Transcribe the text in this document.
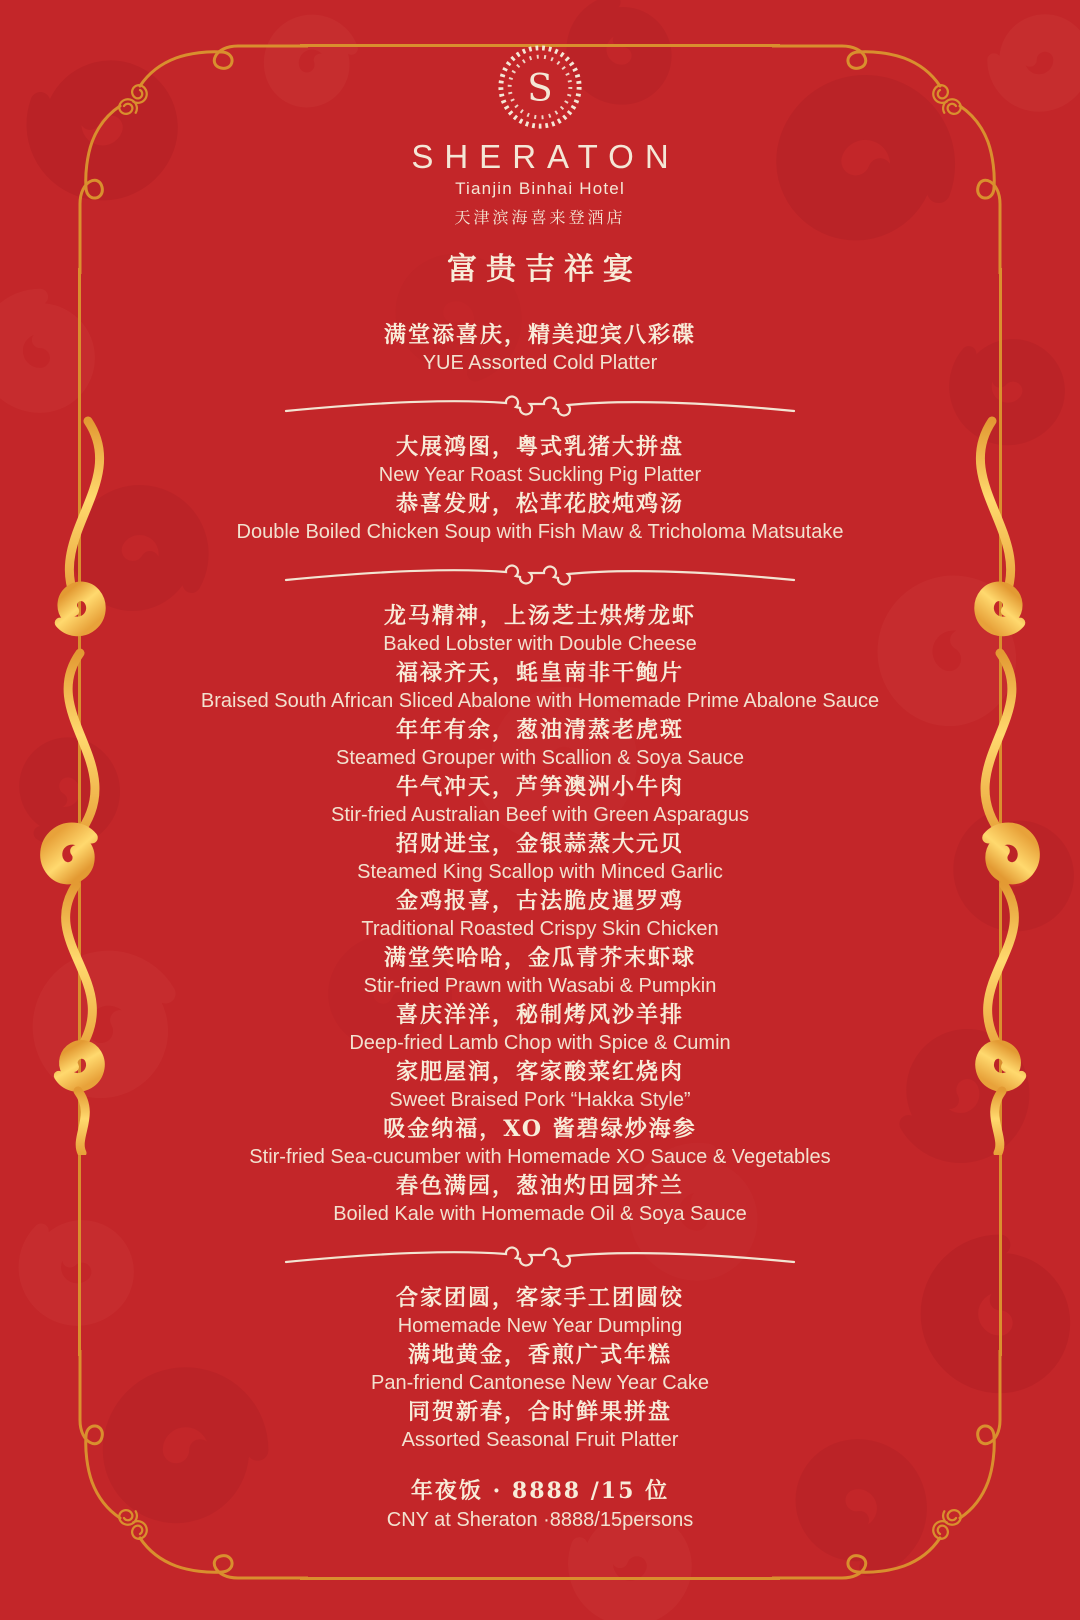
S
SHERATON
Tianjin Binhai Hotel
天津滨海喜来登酒店
富贵吉祥宴
满堂添喜庆，精美迎宾八彩碟
YUE Assorted Cold Platter
大展鸿图，粤式乳猪大拼盘
New Year Roast Suckling Pig Platter
恭喜发财，松茸花胶炖鸡汤
Double Boiled Chicken Soup with Fish Maw & Tricholoma Matsutake
龙马精神，上汤芝士烘烤龙虾
Baked Lobster with Double Cheese
福禄齐天，蚝皇南非干鲍片
Braised South African Sliced Abalone with Homemade Prime Abalone Sauce
年年有余，葱油清蒸老虎斑
Steamed Grouper with Scallion & Soya Sauce
牛气冲天，芦笋澳洲小牛肉
Stir-fried Australian Beef with Green Asparagus
招财进宝，金银蒜蒸大元贝
Steamed King Scallop with Minced Garlic
金鸡报喜，古法脆皮暹罗鸡
Traditional Roasted Crispy Skin Chicken
满堂笑哈哈，金瓜青芥末虾球
Stir-fried Prawn with Wasabi & Pumpkin
喜庆洋洋，秘制烤风沙羊排
Deep-fried Lamb Chop with Spice & Cumin
家肥屋润，客家酸菜红烧肉
Sweet Braised Pork “Hakka Style”
吸金纳福，XO 酱碧绿炒海参
Stir-fried Sea-cucumber with Homemade XO Sauce & Vegetables
春色满园，葱油灼田园芥兰
Boiled Kale with Homemade Oil & Soya Sauce
合家团圆，客家手工团圆饺
Homemade New Year Dumpling
满地黄金，香煎广式年糕
Pan-friend Cantonese New Year Cake
同贺新春，合时鲜果拼盘
Assorted Seasonal Fruit Platter
年夜饭 · 8888 /15 位
CNY at Sheraton ·8888/15persons
